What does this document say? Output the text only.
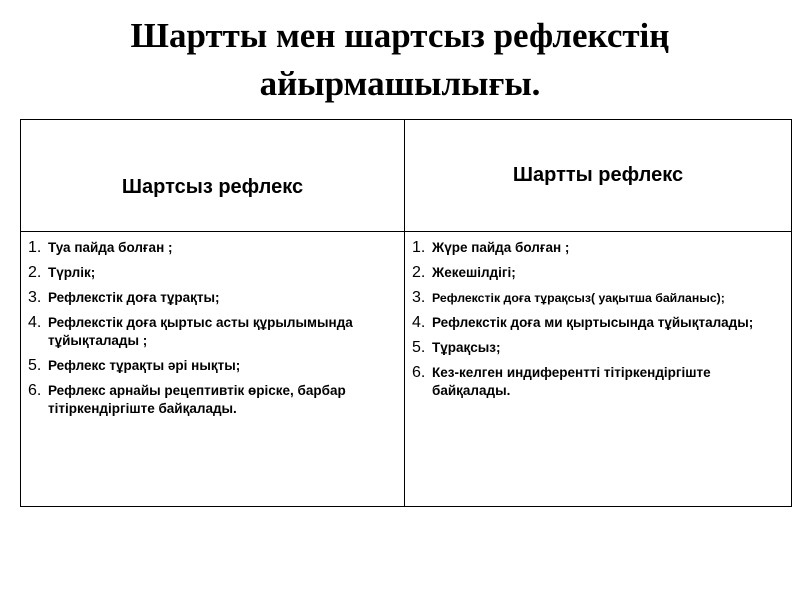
Шартты мен шартсыз рефлекстің
айырмашылығы.
Шартсыз рефлекс
Шартты рефлекс
1. Туа пайда болған ;
2. Түрлік;
3. Рефлекстік доға тұрақты;
4. Рефлекстік доға қыртыс асты құрылымында тұйықталады ;
5. Рефлекс тұрақты әрі нықты;
6. Рефлекс арнайы рецептивтік өріске, барбар тітіркендіргіште байқалады.
1. Жүре пайда болған ;
2. Жекешілдігі;
3. Рефлекстік доға тұрақсыз( уақытша байланыс);
4. Рефлекстік доға ми қыртысында тұйықталады;
5. Тұрақсыз;
6. Кез-келген индиферентті тітіркендіргіште байқалады.
